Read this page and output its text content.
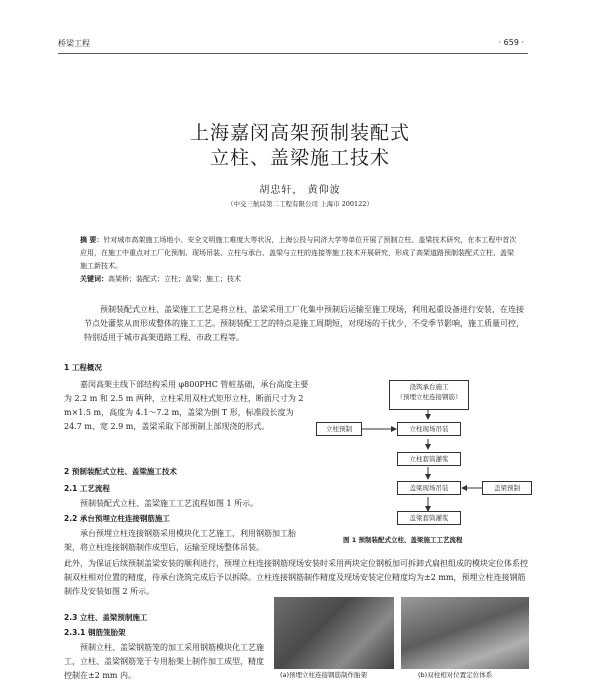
桥梁工程	· 659 ·
上海嘉闵高架预制装配式
立柱、盖梁施工技术
胡忠轩， 黄仰波
（中交三航局第二工程有限公司 上海市 200122）
摘 要：针对城市高架施工场地小、安全文明施工难度大等状况，上海公投与同济大学等单位开展了预制立柱、盖梁技术研究，在本工程中首次应用，在施工中重点对工厂化预制、现场吊装、立柱与承台、盖梁与立柱的连接等施工技术开展研究，形成了高架道路预制装配式立柱、盖梁施工新技术。
关键词：高架桥；装配式；立柱；盖梁；施工；技术
预制装配式立柱、盖梁施工工艺是将立柱、盖梁采用工厂化集中预制后运输至施工现场，利用起重设备进行安装，在连接节点处灌浆从而形成整体的施工工艺。预制装配工艺的特点是施工周期短，对现场的干扰少，不受季节影响，施工质量可控，特别适用于城市高架道路工程、市政工程等。
1 工程概况
嘉闵高架主线下部结构采用 φ800PHC 管桩基础，承台高度主要为 2.2 m 和 2.5 m 两种，立柱采用双柱式矩形立柱，断面尺寸为 2 m×1.5 m，高度为 4.1～7.2 m，盖梁为倒 T 形，标准段长度为 24.7 m、宽 2.9 m，盖梁采取下部预制上部现浇的形式。
2 预制装配式立柱、盖梁施工技术
2.1 工艺流程
预制装配式立柱、盖梁施工工艺流程如图 1 所示。
2.2 承台预埋立柱连接钢筋施工
承台预埋立柱连接钢筋采用模块化工艺施工，利用钢筋加工胎架，将立柱连接钢筋制作成型后，运输至现场整体吊装。
此外，为保证后续预制盖梁安装的顺利进行，预埋立柱连接钢筋现场安装时采用两块定位钢板加可拆卸式扁担组成的模块定位体系控制双柱相对位置的精度，待承台浇筑完成后予以拆除。立柱连接钢筋制作精度及现场安装定位精度均为±2 mm，预埋立柱连接钢筋制作及安装如图 2 所示。
2.3 立柱、盖梁预制施工
2.3.1 钢筋笼胎架
预制立柱、盖梁钢筋笼的加工采用钢筋模块化工艺施工，立柱、盖梁钢筋笼于专用胎架上制作加工成型，精度控制在±2 mm 内。
浇筑承台施工
（预埋立柱连接钢筋）
立柱预制	立柱现场吊装
立柱套筒灌浆
盖梁现场吊装	盖梁预制
盖梁套筒灌浆
图 1 预制装配式立柱、盖梁施工工艺流程
(a)预埋立柱连接钢筋制作胎架	(b)双柱相对位置定位体系
